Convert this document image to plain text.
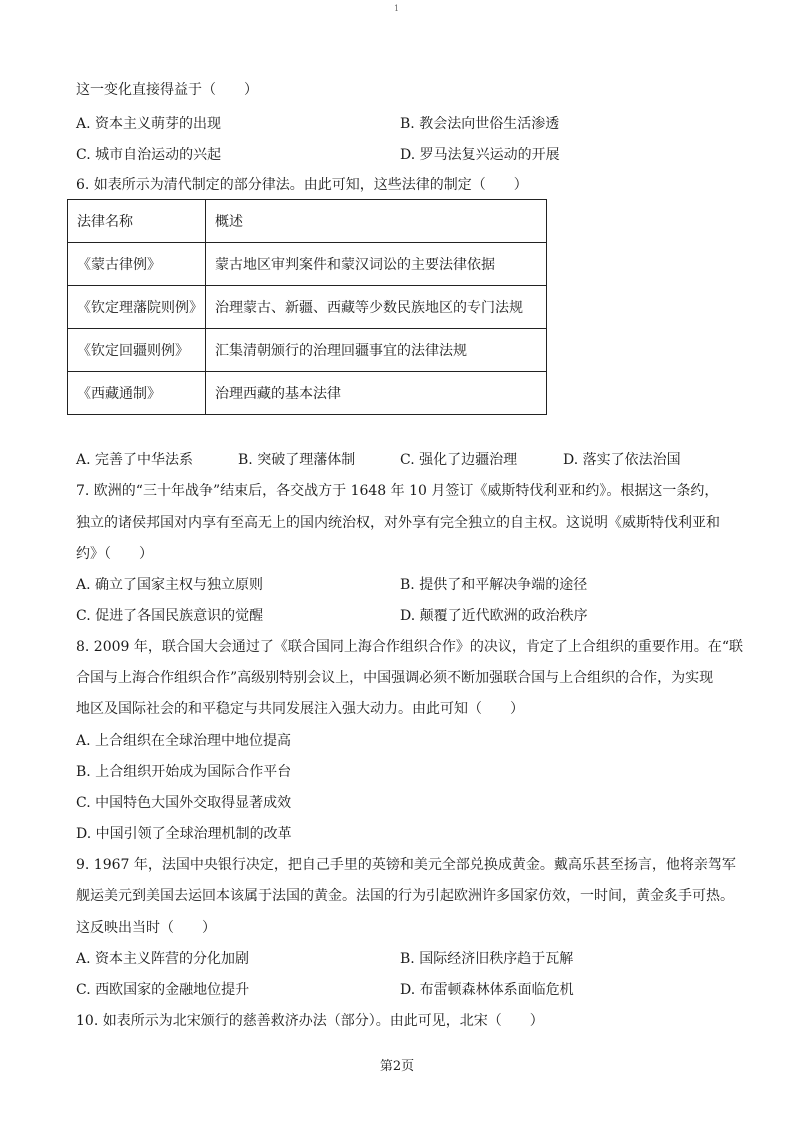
1
这一变化直接得益于（　　）
A. 资本主义萌芽的出现	B. 教会法向世俗生活渗透
C. 城市自治运动的兴起	D. 罗马法复兴运动的开展
6. 如表所示为清代制定的部分律法。由此可知，这些法律的制定（　　）
法律名称	概述
《蒙古律例》	蒙古地区审判案件和蒙汉词讼的主要法律依据
《钦定理藩院则例》	治理蒙古、新疆、西藏等少数民族地区的专门法规
《钦定回疆则例》	汇集清朝颁行的治理回疆事宜的法律法规
《西藏通制》	治理西藏的基本法律
A. 完善了中华法系	B. 突破了理藩体制	C. 强化了边疆治理	D. 落实了依法治国
7. 欧洲的“三十年战争”结束后，各交战方于 1648 年 10 月签订《威斯特伐利亚和约》。根据这一条约，
独立的诸侯邦国对内享有至高无上的国内统治权，对外享有完全独立的自主权。这说明《威斯特伐利亚和
约》（　　）
A. 确立了国家主权与独立原则	B. 提供了和平解决争端的途径
C. 促进了各国民族意识的觉醒	D. 颠覆了近代欧洲的政治秩序
8. 2009 年，联合国大会通过了《联合国同上海合作组织合作》的决议，肯定了上合组织的重要作用。在“联
合国与上海合作组织合作”高级别特别会议上，中国强调必须不断加强联合国与上合组织的合作，为实现
地区及国际社会的和平稳定与共同发展注入强大动力。由此可知（　　）
A. 上合组织在全球治理中地位提高
B. 上合组织开始成为国际合作平台
C. 中国特色大国外交取得显著成效
D. 中国引领了全球治理机制的改革
9. 1967 年，法国中央银行决定，把自己手里的英镑和美元全部兑换成黄金。戴高乐甚至扬言，他将亲驾军
舰运美元到美国去运回本该属于法国的黄金。法国的行为引起欧洲许多国家仿效，一时间，黄金炙手可热。
这反映出当时（　　）
A. 资本主义阵营的分化加剧	B. 国际经济旧秩序趋于瓦解
C. 西欧国家的金融地位提升	D. 布雷顿森林体系面临危机
10. 如表所示为北宋颁行的慈善救济办法（部分）。由此可见，北宋（　　）
第2页
